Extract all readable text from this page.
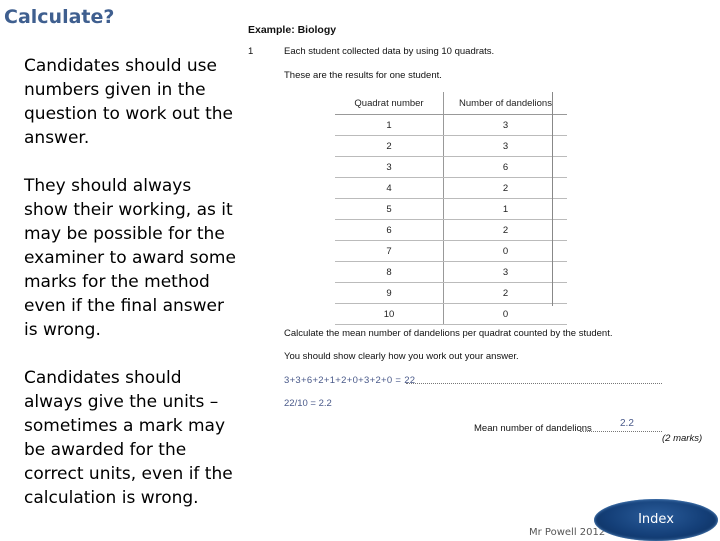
Calculate?
Candidates should use numbers given in the question to work out the answer.
They should always show their working, as it may be possible for the examiner to award some marks for the method even if the final answer is wrong.
Candidates should always give the units – sometimes a mark may be awarded for the correct units, even if the calculation is wrong.
Example: Biology
1	Each student collected data by using 10 quadrats.
These are the results for one student.
Quadrat number	Number of dandelions
1	3
2	3
3	6
4	2
5	1
6	2
7	0
8	3
9	2
10	0
Calculate the mean number of dandelions per quadrat counted by the student.
You should show clearly how you work out your answer.
3+3+6+2+1+2+0+3+2+0 = 22
22/10 = 2.2
Mean number of dandelions	2.2
(2 marks)
Mr Powell 2012
Index
